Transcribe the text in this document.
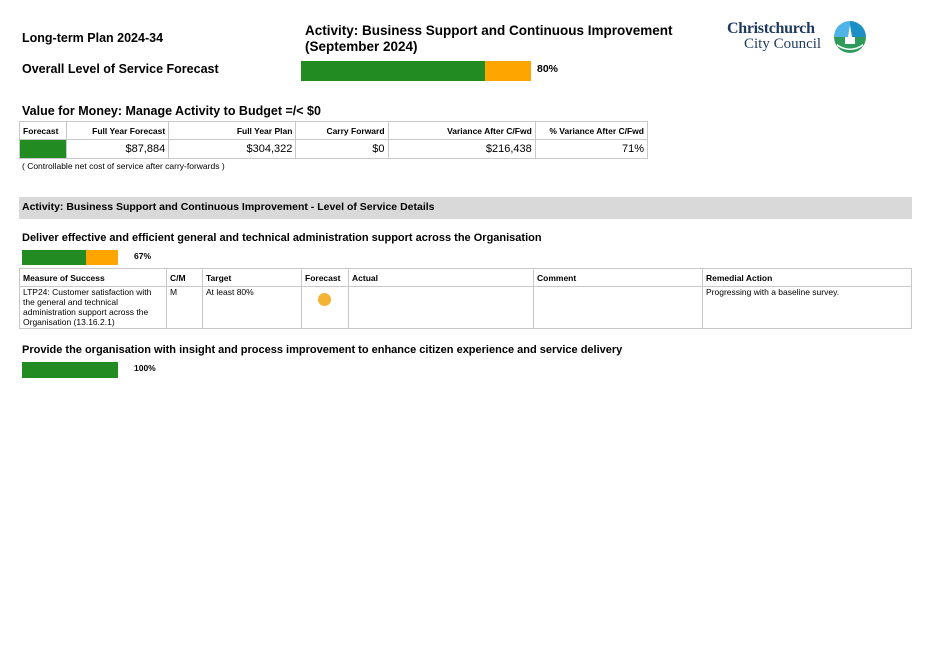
Long-term Plan 2024-34	Activity: Business Support and Continuous Improvement (September 2024)
Overall Level of Service Forecast	80%
Christchurch
City Council
Value for Money: Manage Activity to Budget =/< $0
Forecast	Full Year Forecast	Full Year Plan	Carry Forward	Variance After C/Fwd	% Variance After C/Fwd

	$87,884	$304,322	$0	$216,438	71%
( Controllable net cost of service after carry-forwards )
Activity: Business Support and Continuous Improvement - Level of Service Details
Deliver effective and efficient general and technical administration support across the Organisation
67%
Measure of Success	C/M	Target	Forecast	Actual	Comment	Remedial Action
LTP24: Customer satisfaction with the general and technical administration support across the Organisation (13.16.2.1)	M	At least 80%				Progressing with a baseline survey.
Provide the organisation with insight and process improvement to enhance citizen experience and service delivery
100%
